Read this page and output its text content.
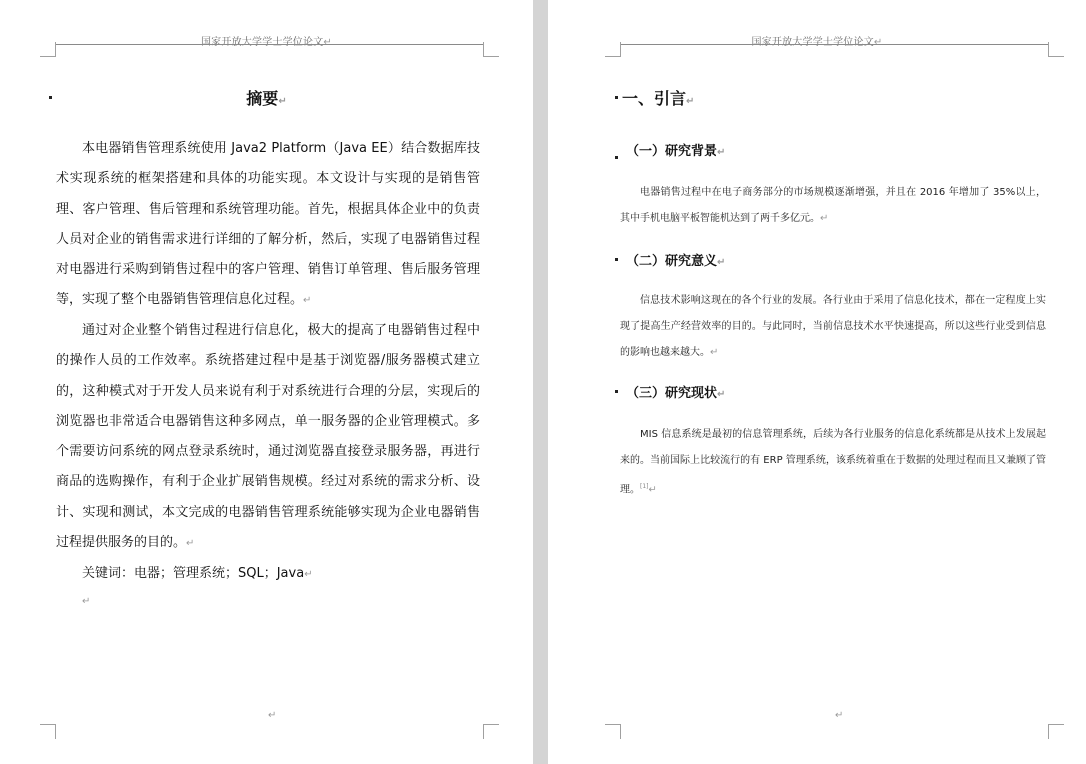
国家开放大学学士学位论文↵
摘要↵
本电器销售管理系统使用 Java2 Platform（Java EE）结合数据库技术实现系统的框架搭建和具体的功能实现。本文设计与实现的是销售管理、客户管理、售后管理和系统管理功能。首先，根据具体企业中的负责人员对企业的销售需求进行详细的了解分析，然后，实现了电器销售过程对电器进行采购到销售过程中的客户管理、销售订单管理、售后服务管理等，实现了整个电器销售管理信息化过程。↵
通过对企业整个销售过程进行信息化，极大的提高了电器销售过程中的操作人员的工作效率。系统搭建过程中是基于浏览器/服务器模式建立的，这种模式对于开发人员来说有利于对系统进行合理的分层，实现后的浏览器也非常适合电器销售这种多网点，单一服务器的企业管理模式。多个需要访问系统的网点登录系统时，通过浏览器直接登录服务器，再进行商品的选购操作，有利于企业扩展销售规模。经过对系统的需求分析、设计、实现和测试，本文完成的电器销售管理系统能够实现为企业电器销售过程提供服务的目的。↵
关键词：电器；管理系统；SQL；Java↵
↵
↵
国家开放大学学士学位论文↵
↵
一、引言↵
（一）研究背景↵
电器销售过程中在电子商务部分的市场规模逐渐增强，并且在 2016 年增加了 35%以上，其中手机电脑平板智能机达到了两千多亿元。↵
（二）研究意义↵
信息技术影响这现在的各个行业的发展。各行业由于采用了信息化技术，都在一定程度上实现了提高生产经营效率的目的。与此同时，当前信息技术水平快速提高，所以这些行业受到信息的影响也越来越大。↵
（三）研究现状↵
MIS 信息系统是最初的信息管理系统，后续为各行业服务的信息化系统都是从技术上发展起来的。当前国际上比较流行的有 ERP 管理系统，该系统着重在于数据的处理过程而且又兼顾了管理。[1]↵
